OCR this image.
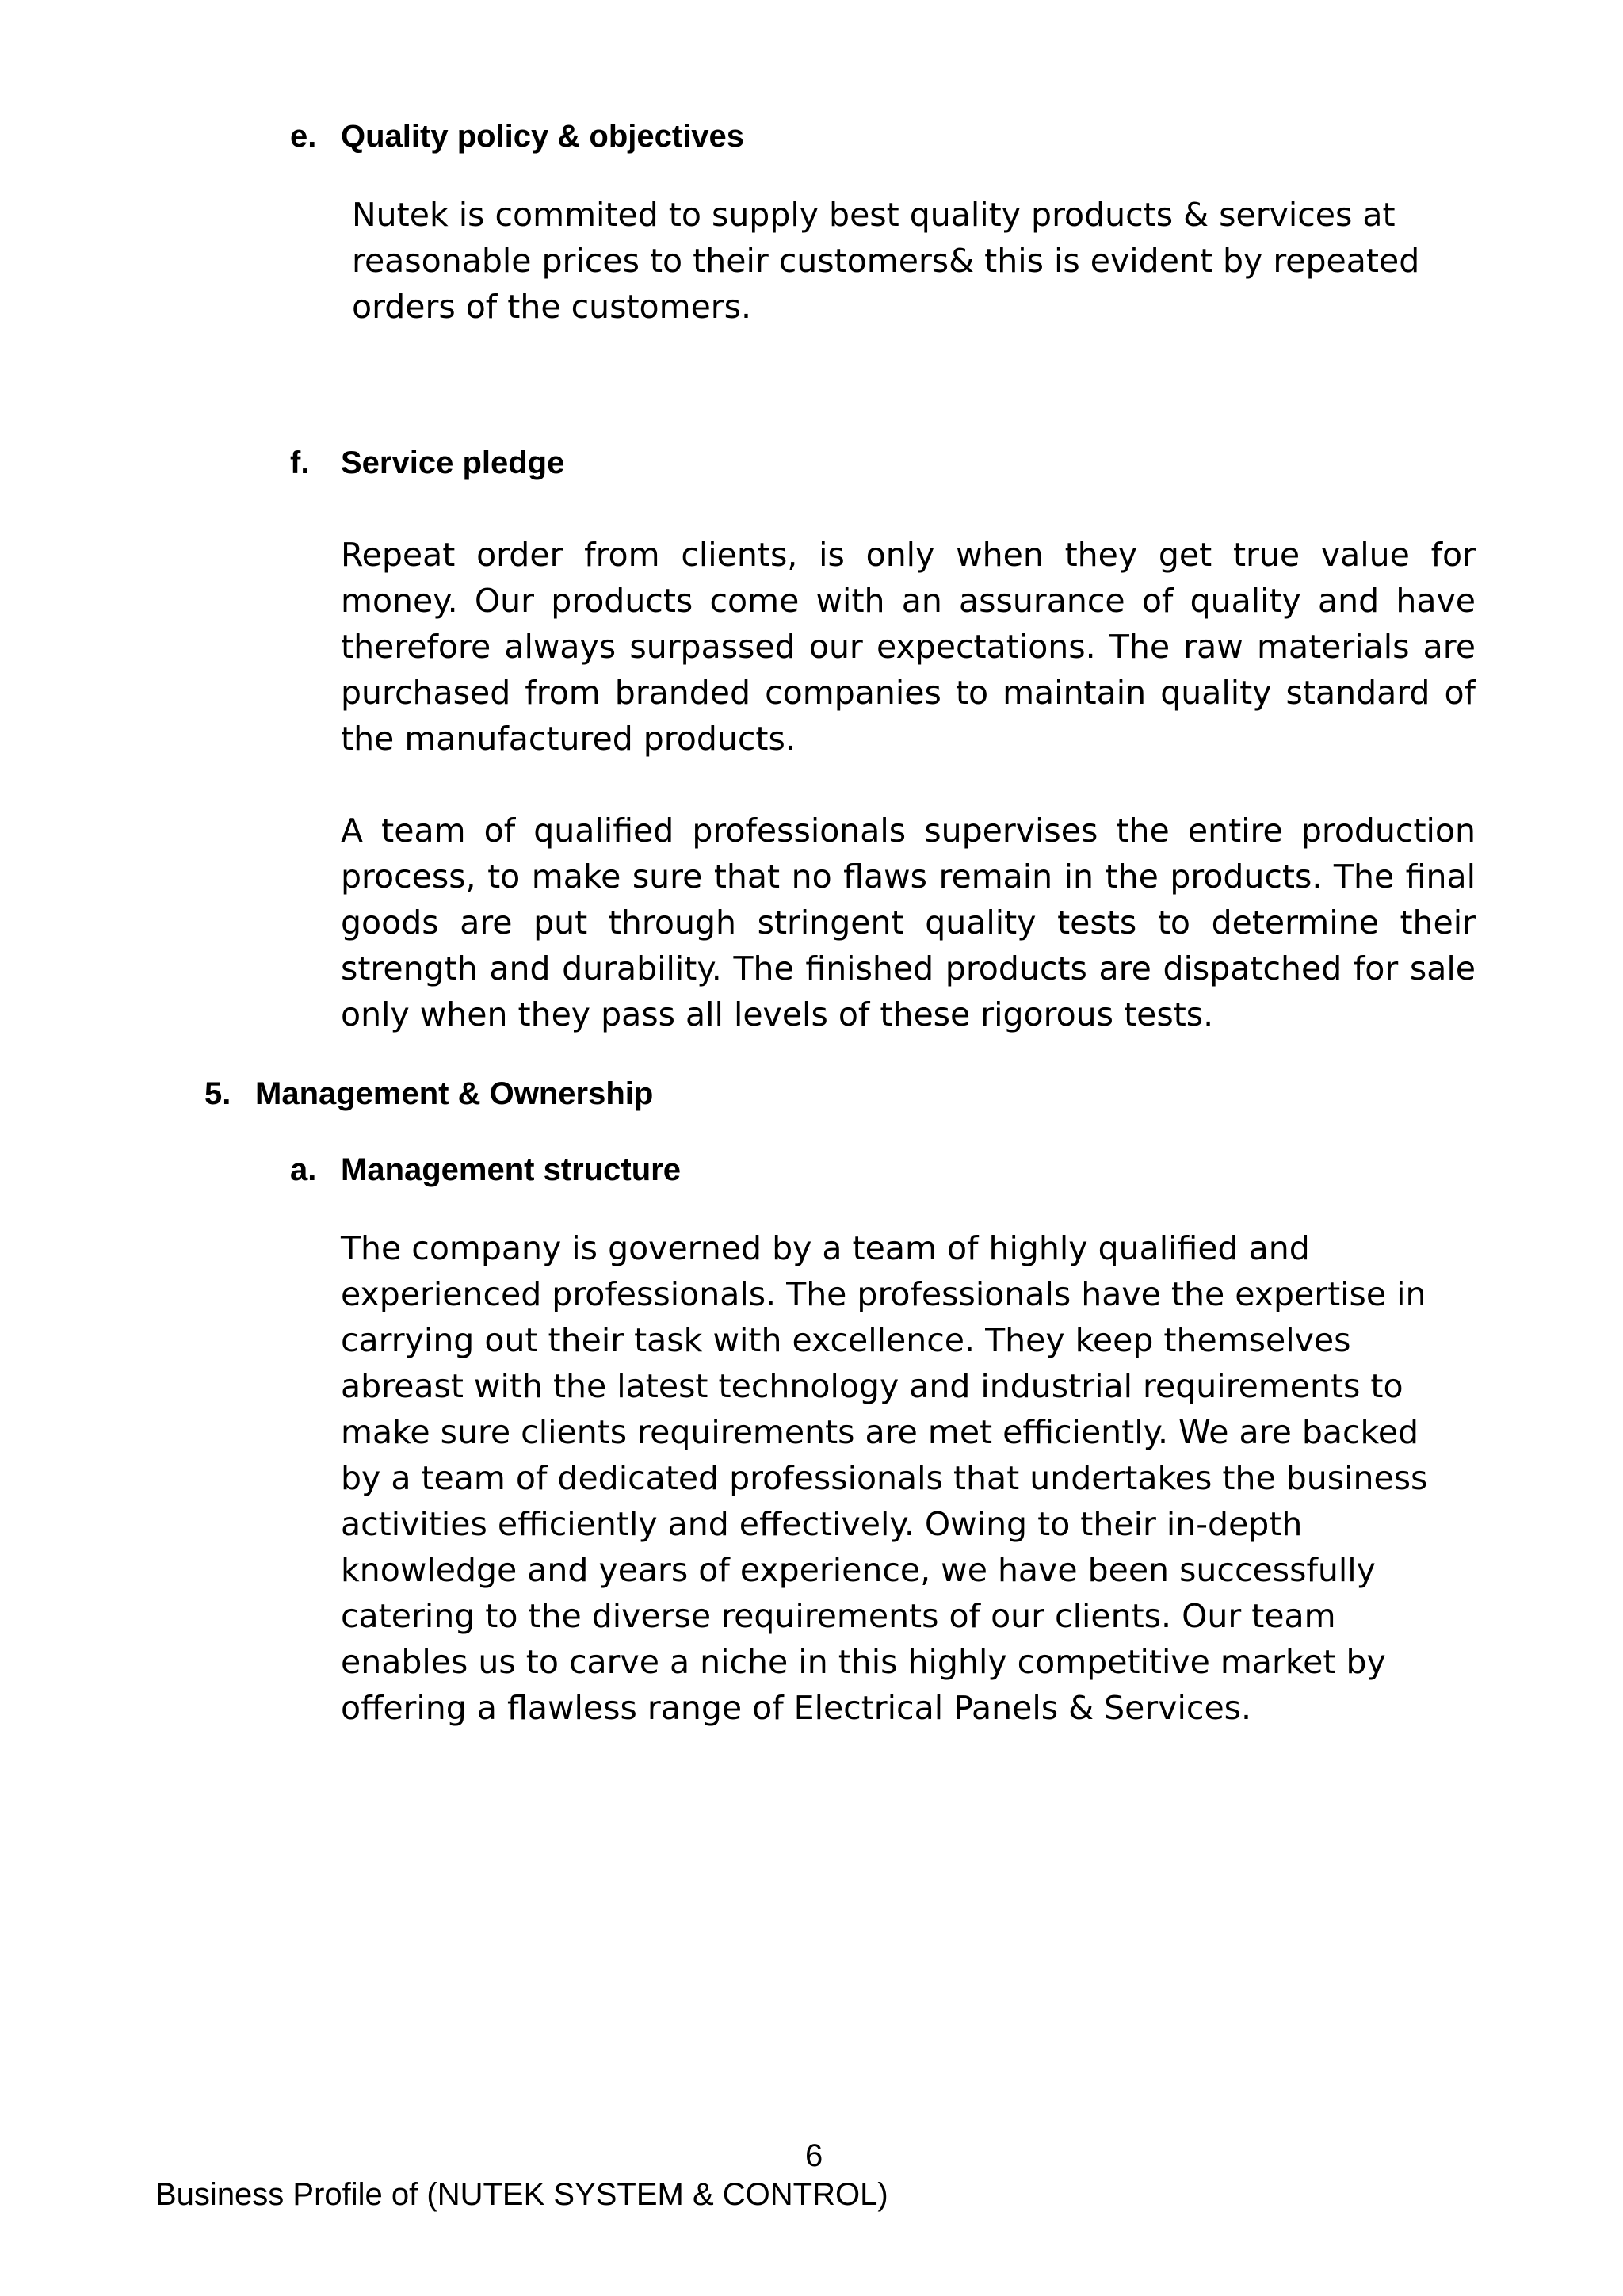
e. Quality policy & objectives

Nutek is commited to supply best quality products & services at reasonable prices to their customers& this is evident by repeated orders of the customers.

f. Service pledge

Repeat order from clients, is only when they get true value for money. Our products come with an assurance of quality and have therefore always surpassed our expectations. The raw materials are purchased from branded companies to maintain quality standard of the manufactured products.

A team of qualified professionals supervises the entire production process, to make sure that no flaws remain in the products. The final goods are put through stringent quality tests to determine their strength and durability. The finished products are dispatched for sale only when they pass all levels of these rigorous tests.

5. Management & Ownership
a. Management structure

The company is governed by a team of highly qualified and experienced professionals. The professionals have the expertise in carrying out their task with excellence. They keep themselves abreast with the latest technology and industrial requirements to make sure clients requirements are met efficiently. We are backed by a team of dedicated professionals that undertakes the business activities efficiently and effectively. Owing to their in-depth knowledge and years of experience, we have been successfully catering to the diverse requirements of our clients. Our team enables us to carve a niche in this highly competitive market by offering a flawless range of Electrical Panels & Services.

6
Business Profile of (NUTEK SYSTEM & CONTROL)
